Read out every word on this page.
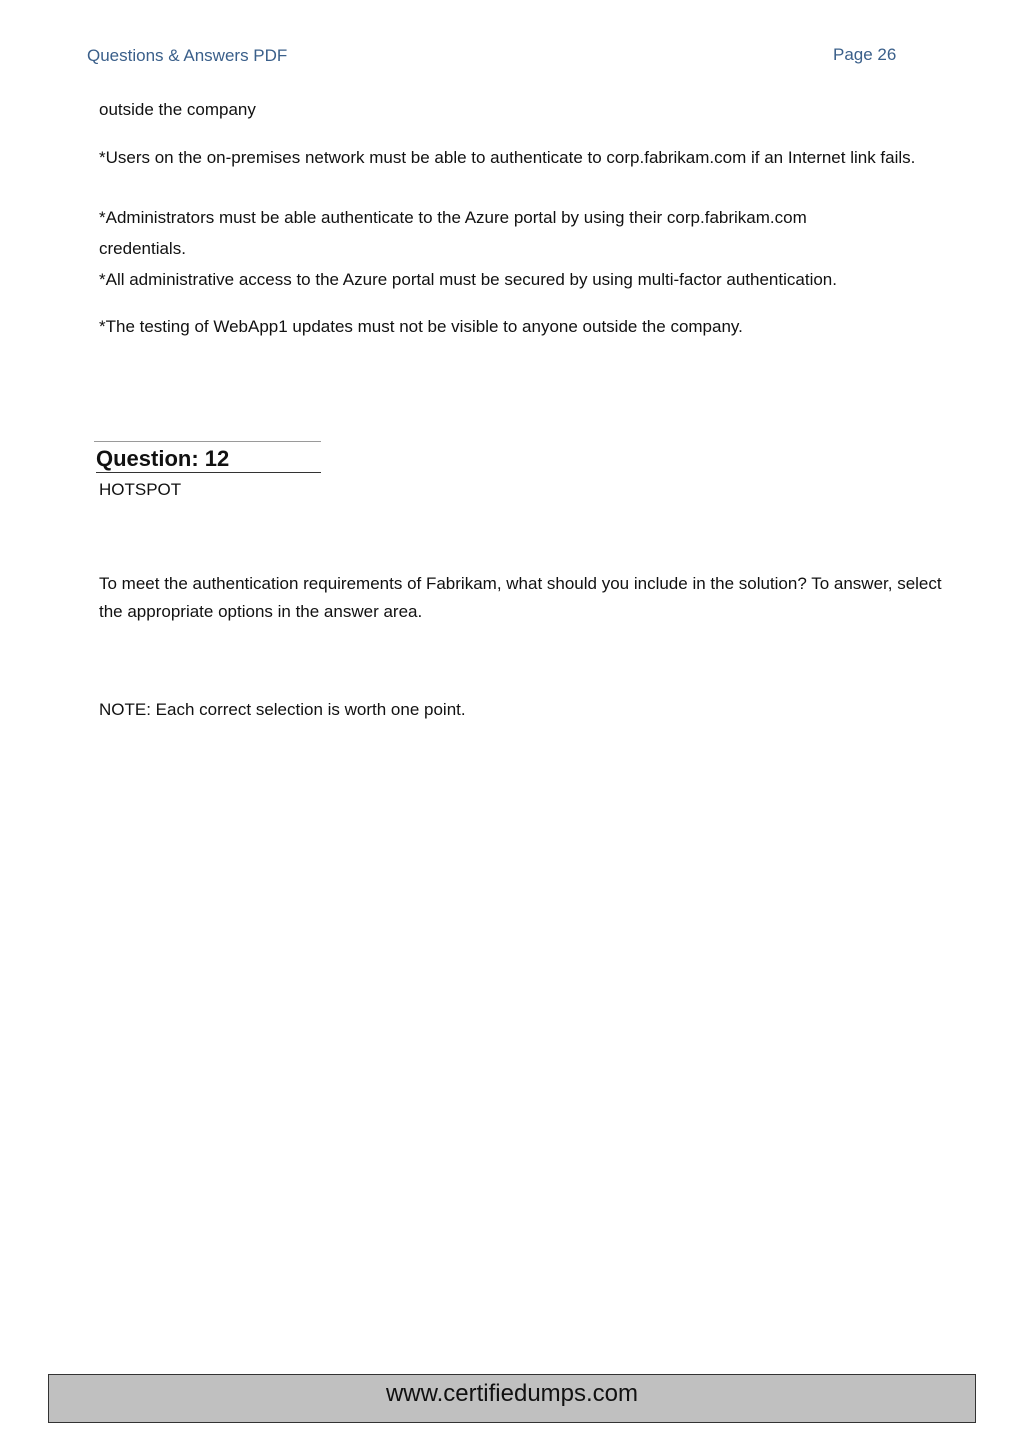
Questions & Answers PDF	Page 26
outside the company
*Users on the on-premises network must be able to authenticate to corp.fabrikam.com if an Internet link fails.
*Administrators must be able authenticate to the Azure portal by using their corp.fabrikam.com
credentials.
*All administrative access to the Azure portal must be secured by using multi-factor authentication.
*The testing of WebApp1 updates must not be visible to anyone outside the company.
Question: 12
HOTSPOT
To meet the authentication requirements of Fabrikam, what should you include in the solution? To answer, select the appropriate options in the answer area.
NOTE: Each correct selection is worth one point.
www.certifiedumps.com
